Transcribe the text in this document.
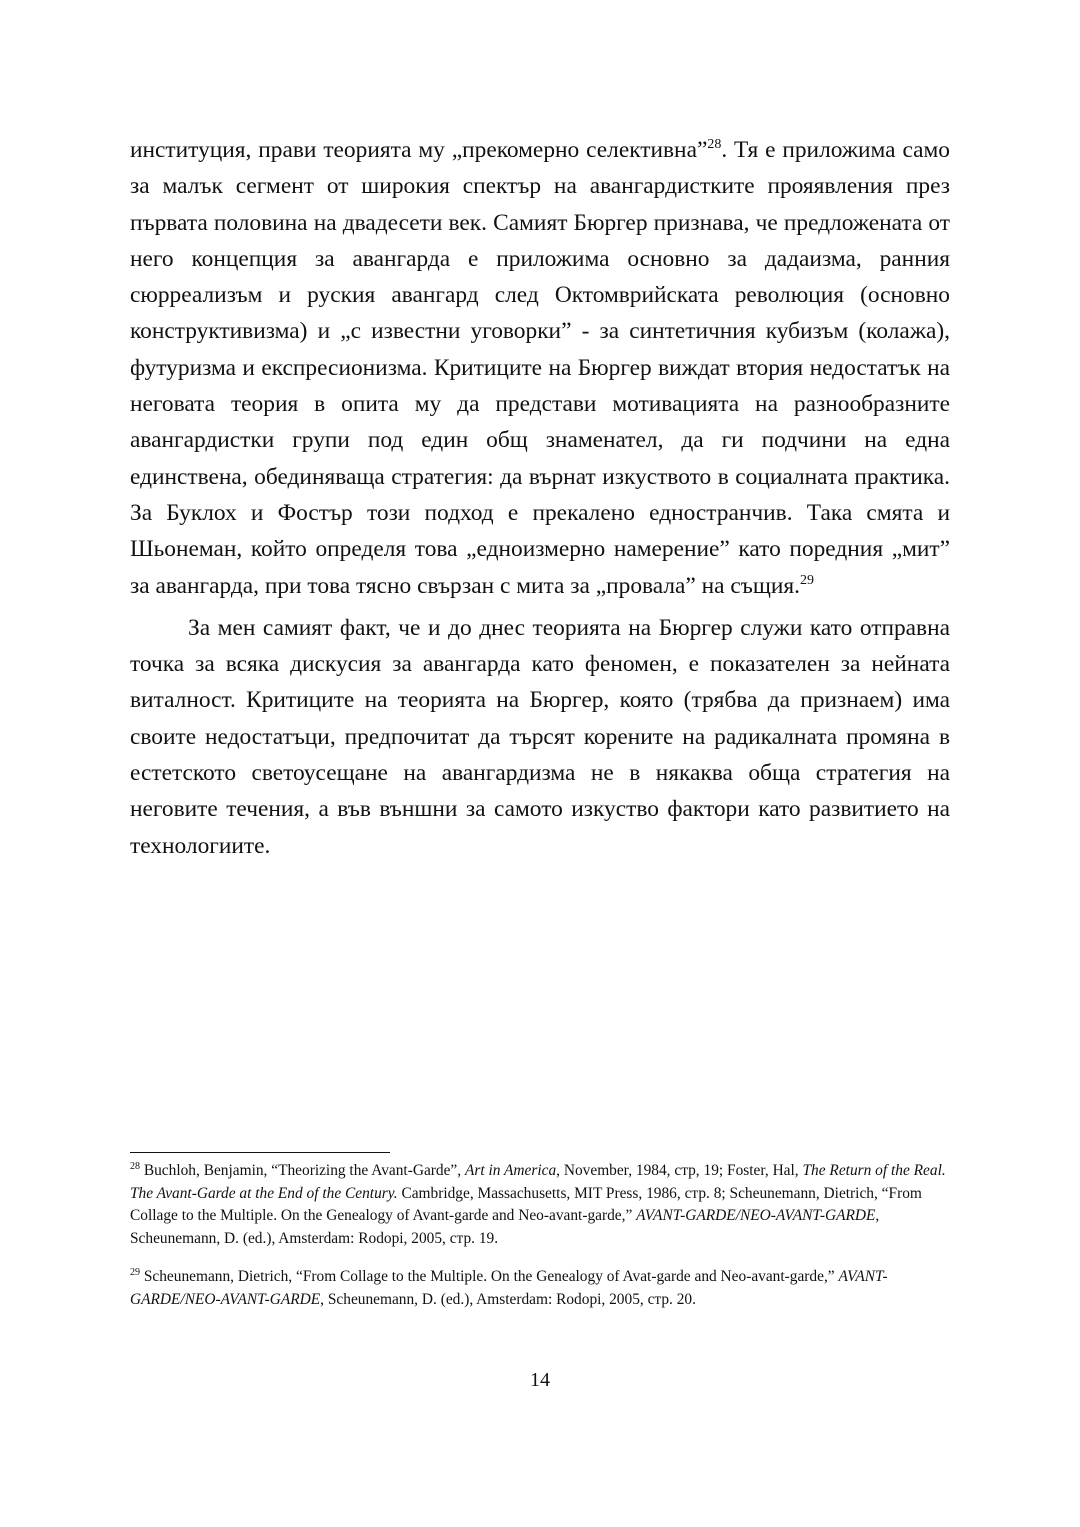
институция, прави теорията му „прекомерно селективна”$^{28}$. Тя е приложима само за малък сегмент от широкия спектър на авангардистките прояявления през първата половина на двадесети век. Самият Бюргер признава, че предложената от него концепция за авангарда е приложима основно за дадаизма, ранния сюрреализъм и руския авангард след Октомврийската революция (основно конструктивизма) и „с известни уговорки” - за синтетичния кубизъм (колажа), футуризма и експресионизма. Критиците на Бюргер виждат втория недостатък на неговата теория в опита му да представи мотивацията на разнообразните авангардистки групи под един общ знаменател, да ги подчини на една единствена, обединяваща стратегия: да върнат изкуството в социалната практика. За Буклох и Фостър този подход е прекалено едностранчив. Така смята и Шьонеман, който определя това „едноизмерно намерение” като поредния „мит” за авангарда, при това тясно свързан с мита за „провала” на същия.$^{29}$

За мен самият факт, че и до днес теорията на Бюргер служи като отправна точка за всяка дискусия за авангарда като феномен, е показателен за нейната виталност. Критиците на теорията на Бюргер, която (трябва да признаем) има своите недостатъци, предпочитат да търсят корените на радикалната промяна в естетското светоусещане на авангардизма не в някаква обща стратегия на неговите течения, а във външни за самото изкуство фактори като развитието на технологиите.

$^{28}$ Buchloh, Benjamin, “Theorizing the Avant-Garde”, Art in America, November, 1984, стр, 19; Foster, Hal, The Return of the Real. The Avant-Garde at the End of the Century. Cambridge, Massachusetts, MIT Press, 1986, стр. 8; Scheunemann, Dietrich, “From Collage to the Multiple. On the Genealogy of Avant-garde and Neo-avant-garde,” AVANT-GARDE/NEO-AVANT-GARDE, Scheunemann, D. (ed.), Amsterdam: Rodopi, 2005, стр. 19.

$^{29}$ Scheunemann, Dietrich, “From Collage to the Multiple. On the Genealogy of Avat-garde and Neo-avant-garde,” AVANT-GARDE/NEO-AVANT-GARDE, Scheunemann, D. (ed.), Amsterdam: Rodopi, 2005, стр. 20.

14
